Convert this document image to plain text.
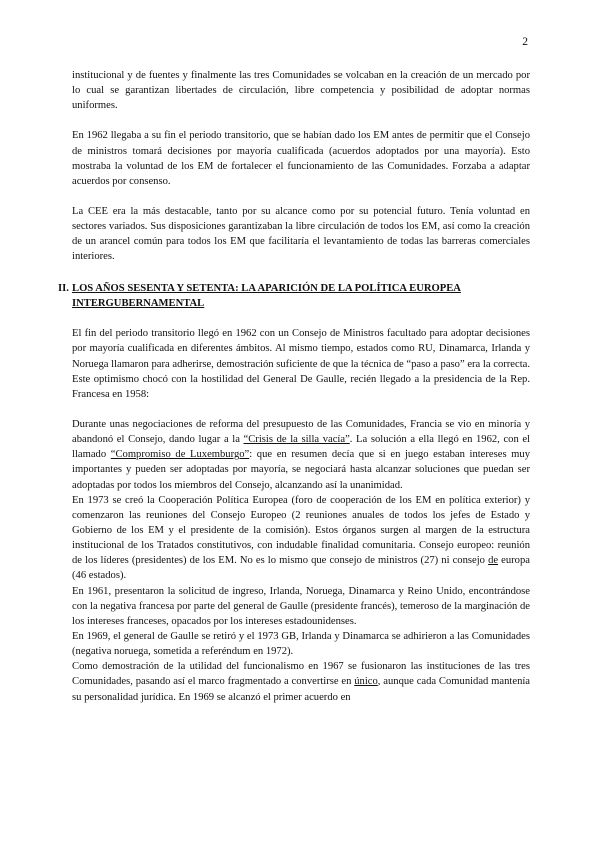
2

institucional y de fuentes y finalmente las tres Comunidades se volcaban en la creación de un mercado por lo cual se garantizan libertades de circulación, libre competencia y posibilidad de adoptar normas uniformes.

En 1962 llegaba a su fin el periodo transitorio, que se habían dado los EM antes de permitir que el Consejo de ministros tomará decisiones por mayoría cualificada (acuerdos adoptados por una mayoría). Esto mostraba la voluntad de los EM de fortalecer el funcionamiento de las Comunidades. Forzaba a adaptar acuerdos por consenso.

La CEE era la más destacable, tanto por su alcance como por su potencial futuro. Tenía voluntad en sectores variados. Sus disposiciones garantizaban la libre circulación de todos los EM, así como la creación de un arancel común para todos los EM que facilitaría el levantamiento de todas las barreras comerciales interiores.

II. LOS AÑOS SESENTA Y SETENTA: LA APARICIÓN DE LA POLÍTICA EUROPEA INTERGUBERNAMENTAL

El fin del periodo transitorio llegó en 1962 con un Consejo de Ministros facultado para adoptar decisiones por mayoría cualificada en diferentes ámbitos. Al mismo tiempo, estados como RU, Dinamarca, Irlanda y Noruega llamaron para adherirse, demostración suficiente de que la técnica de “paso a paso” era la correcta. Este optimismo chocó con la hostilidad del General De Gaulle, recién llegado a la presidencia de la Rep. Francesa en 1958:

Durante unas negociaciones de reforma del presupuesto de las Comunidades, Francia se vio en minoría y abandonó el Consejo, dando lugar a la “Crisis de la silla vacía”. La solución a ella llegó en 1962, con el llamado “Compromiso de Luxemburgo”: que en resumen decía que si en juego estaban intereses muy importantes y pueden ser adoptadas por mayoría, se negociará hasta alcanzar soluciones que puedan ser adoptadas por todos los miembros del Consejo, alcanzando así la unanimidad.

En 1973 se creó la Cooperación Política Europea (foro de cooperación de los EM en política exterior) y comenzaron las reuniones del Consejo Europeo (2 reuniones anuales de todos los jefes de Estado y Gobierno de los EM y el presidente de la comisión). Estos órganos surgen al margen de la estructura institucional de los Tratados constitutivos, con indudable finalidad comunitaria. Consejo europeo: reunión de los líderes (presidentes) de los EM. No es lo mismo que consejo de ministros (27) ni consejo de europa (46 estados).

En 1961, presentaron la solicitud de ingreso, Irlanda, Noruega, Dinamarca y Reino Unido, encontrándose con la negativa francesa por parte del general de Gaulle (presidente francés), temeroso de la marginación de los intereses franceses, opacados por los intereses estadounidenses.

En 1969, el general de Gaulle se retiró y el 1973 GB, Irlanda y Dinamarca se adhirieron a las Comunidades (negativa noruega, sometida a referéndum en 1972).

Como demostración de la utilidad del funcionalismo en 1967 se fusionaron las instituciones de las tres Comunidades, pasando así el marco fragmentado a convertirse en único, aunque cada Comunidad mantenía su personalidad jurídica. En 1969 se alcanzó el primer acuerdo en
